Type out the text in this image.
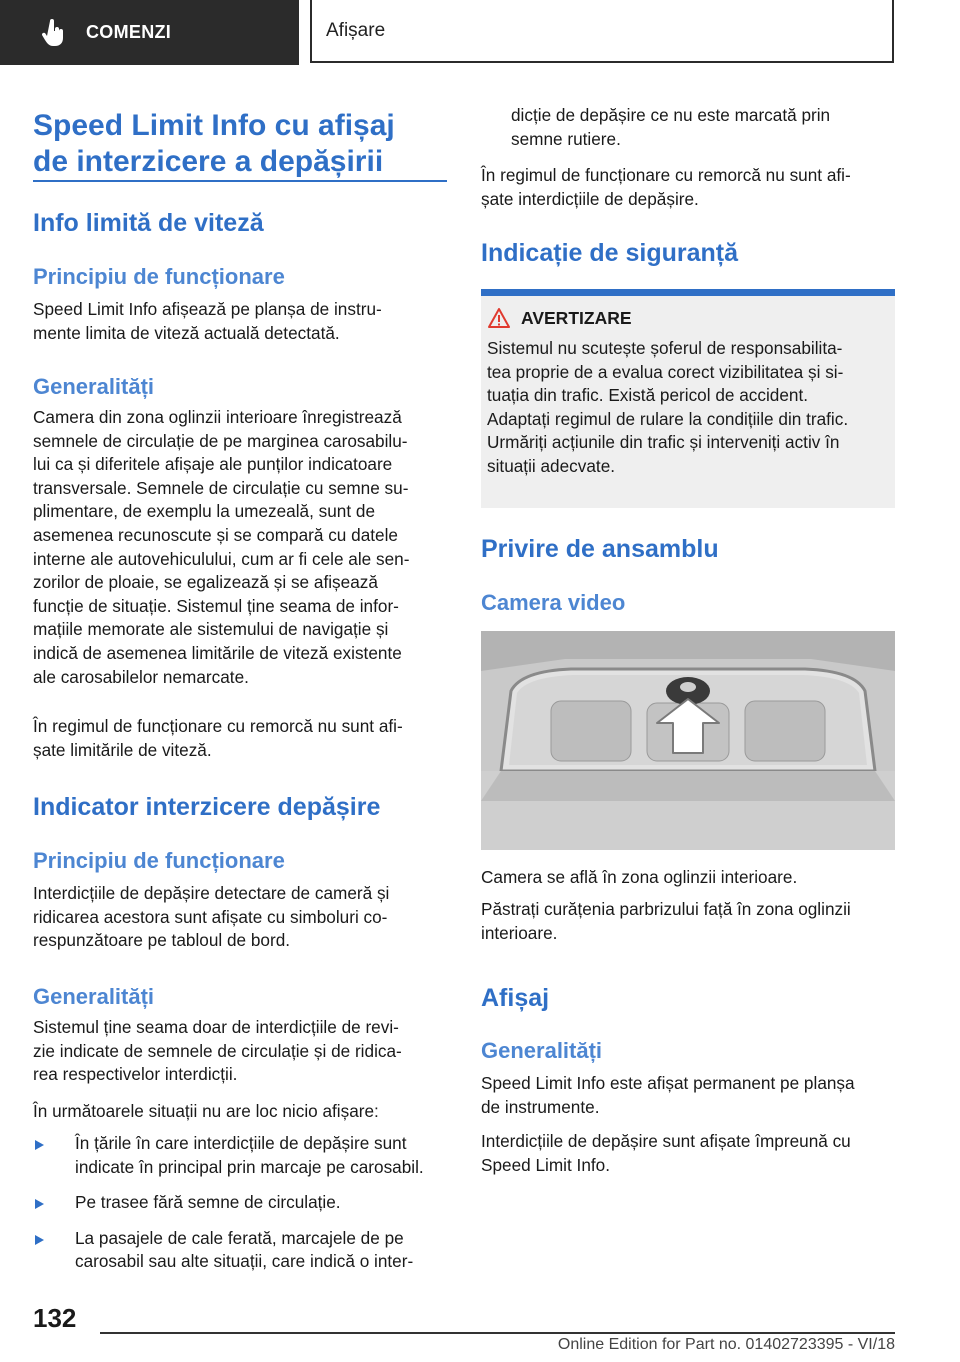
COMENZI	Afișare

Speed Limit Info cu afișaj

de interzicere a depășirii

Info limită de viteză

Principiu de funcționare

Speed Limit Info afișează pe planșa de instru-

mente limita de viteză actuală detectată.

Generalități

Camera din zona oglinzii interioare înregistrează

semnele de circulație de pe marginea carosabilu-

lui ca și diferitele afișaje ale punților indicatoare

transversale. Semnele de circulație cu semne su-

plimentare, de exemplu la umezeală, sunt de

asemenea recunoscute și se compară cu datele

interne ale autovehiculului, cum ar fi cele ale sen-

zorilor de ploaie, se egalizează și se afișează

funcție de situație. Sistemul ține seama de infor-

mațiile memorate ale sistemului de navigație și

indică de asemenea limitările de viteză existente

ale carosabilelor nemarcate.

În regimul de funcționare cu remorcă nu sunt afi-

șate limitările de viteză.

Indicator interzicere depășire

Principiu de funcționare

Interdicțiile de depășire detectare de cameră și

ridicarea acestora sunt afișate cu simboluri co-

respunzătoare pe tabloul de bord.

Generalități

Sistemul ține seama doar de interdicțiile de revi-

zie indicate de semnele de circulație și de ridica-

rea respectivelor interdicții.

În următoarele situații nu are loc nicio afișare:

În țările în care interdicțiile de depășire sunt

indicate în principal prin marcaje pe carosabil.

Pe trasee fără semne de circulație.

La pasajele de cale ferată, marcajele de pe

carosabil sau alte situații, care indică o inter-

dicție de depășire ce nu este marcată prin

semne rutiere.

În regimul de funcționare cu remorcă nu sunt afi-

șate interdicțiile de depășire.

Indicație de siguranță

Privire de ansamblu

Camera video

Camera se află în zona oglinzii interioare.

Păstrați curățenia parbrizului față în zona oglinzii

interioare.

Afișaj

Generalități

Speed Limit Info este afișat permanent pe planșa

de instrumente.

Interdicțiile de depășire sunt afișate împreună cu

Speed Limit Info.

AVERTIZARE

Sistemul nu scutește șoferul de responsabilita-

tea proprie de a evalua corect vizibilitatea și si-

tuația din trafic. Există pericol de accident.

Adaptați regimul de rulare la condițiile din trafic.

Urmăriți acțiunile din trafic și interveniți activ în

situații adecvate.

132
Online Edition for Part no. 01402723395 - VI/18
